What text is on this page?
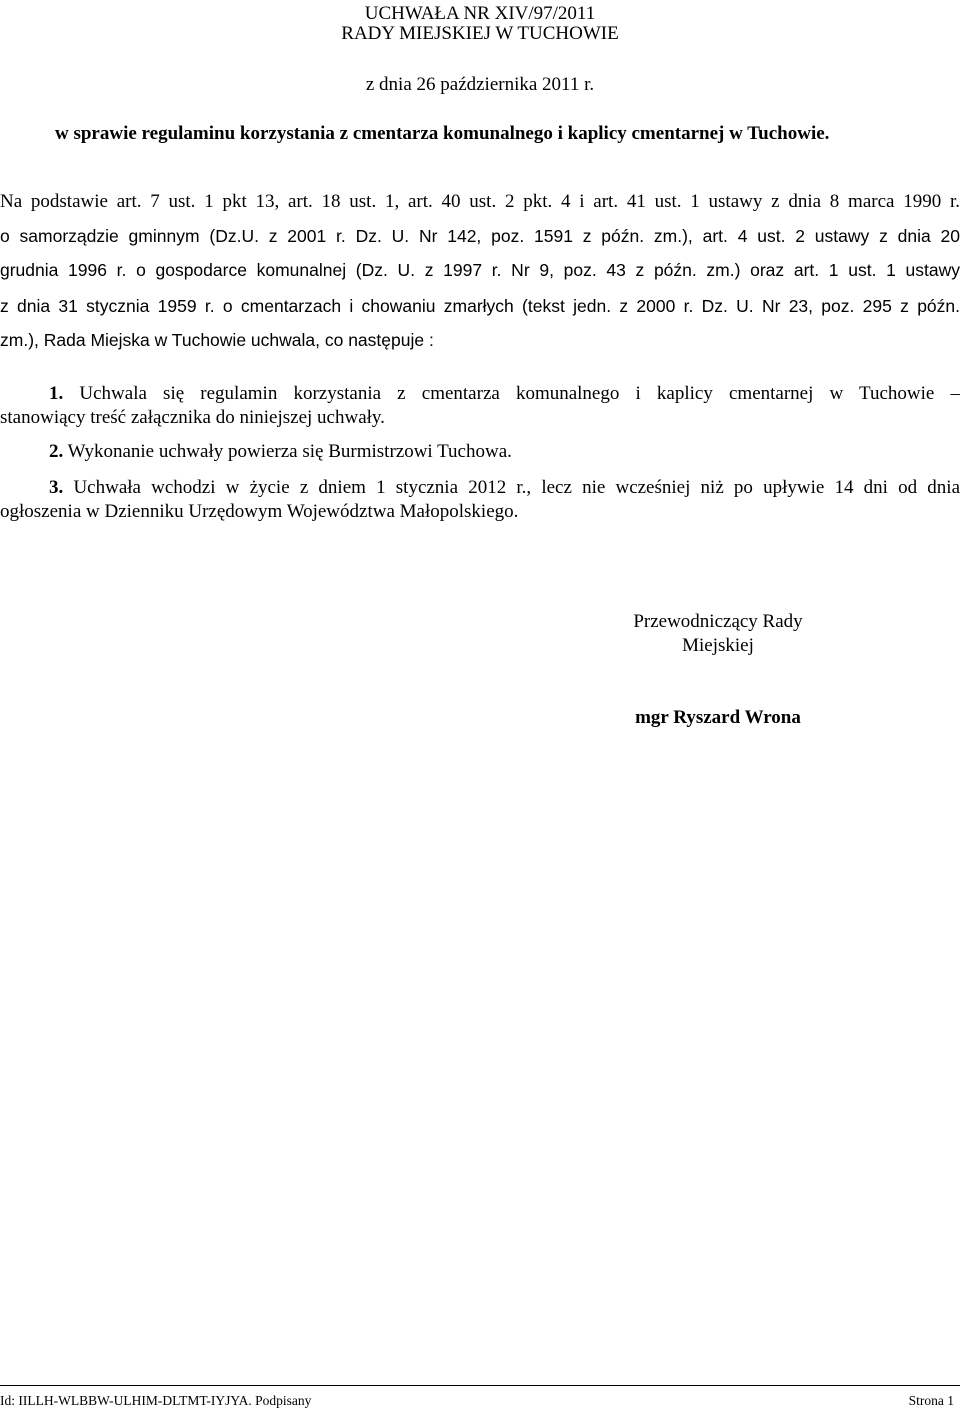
UCHWAŁA NR XIV/97/2011
RADY MIEJSKIEJ W TUCHOWIE
z dnia 26 października 2011 r.
w sprawie regulaminu korzystania z cmentarza komunalnego i kaplicy cmentarnej w Tuchowie.
Na podstawie art. 7 ust. 1 pkt 13, art. 18 ust. 1, art. 40 ust. 2 pkt. 4 i art. 41 ust. 1 ustawy z dnia 8 marca 1990 r.
o samorządzie gminnym (Dz.U. z 2001 r. Dz. U. Nr 142, poz. 1591 z późn. zm.), art. 4 ust. 2 ustawy z dnia 20
grudnia 1996 r. o gospodarce komunalnej (Dz. U. z 1997 r. Nr 9, poz. 43 z późn. zm.) oraz art. 1 ust. 1 ustawy
z dnia 31 stycznia 1959 r. o cmentarzach i chowaniu zmarłych (tekst jedn. z 2000 r. Dz. U. Nr 23, poz. 295 z późn.
zm.), Rada Miejska w Tuchowie uchwala, co następuje :
1. Uchwala się regulamin korzystania z cmentarza komunalnego i kaplicy cmentarnej w Tuchowie –
stanowiący treść załącznika do niniejszej uchwały.
2. Wykonanie uchwały powierza się Burmistrzowi Tuchowa.
3. Uchwała wchodzi w życie z dniem 1 stycznia 2012 r., lecz nie wcześniej niż po upływie 14 dni od dnia
ogłoszenia w Dzienniku Urzędowym Województwa Małopolskiego.
Przewodniczący Rady
Miejskiej
mgr Ryszard Wrona
Id: IILLH-WLBBW-ULHIM-DLTMT-IYJYA. Podpisany	Strona 1
